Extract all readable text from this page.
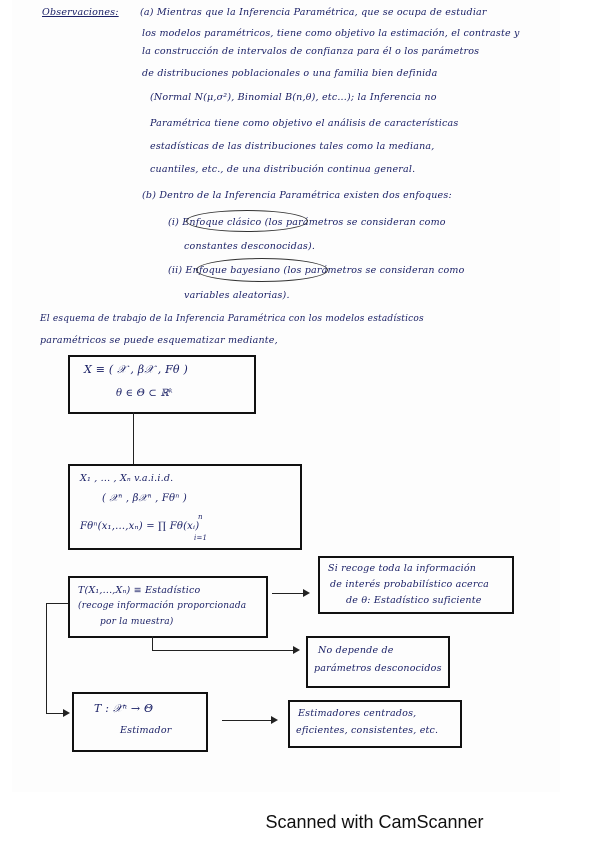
Observaciones: (a) Mientras que la Inferencia Paramétrica, que se ocupa de estudiar
los modelos paramétricos, tiene como objetivo la estimación, el contraste y
la construcción de intervalos de confianza para él o los parámetros
de distribuciones poblacionales o una familia bien definida
(Normal N(μ,σ²), Binomial B(n,θ), etc...); la Inferencia no
Paramétrica tiene como objetivo el análisis de características
estadísticas de las distribuciones tales como la mediana,
cuantiles, etc., de una distribución continua general.
(b) Dentro de la Inferencia Paramétrica existen dos enfoques:
(i) Enfoque clásico (los parámetros se consideran como
constantes desconocidas).
(ii) Enfoque bayesiano (los parámetros se consideran como
variables aleatorias).
El esquema de trabajo de la Inferencia Paramétrica con los modelos estadísticos
paramétricos se puede esquematizar mediante,
X ≡ ( 𝒳 , β𝒳 , Fθ )
θ ∈ Θ ⊂ ℝᵏ
X₁ , ... , Xₙ v.a.i.i.d.
( 𝒳ⁿ , β𝒳ⁿ , Fθⁿ )
n
Fθⁿ(x₁,...,xₙ) = ∏ Fθ(xᵢ)
i=1
T(X₁,...,Xₙ) ≡ Estadístico
(recoge información proporcionada
por la muestra)
Si recoge toda la información
de interés probabilístico acerca
de θ: Estadístico suficiente
No depende de
parámetros desconocidos
T : 𝒳ⁿ → Θ
Estimador
Estimadores centrados,
eficientes, consistentes, etc.
Scanned with CamScanner
